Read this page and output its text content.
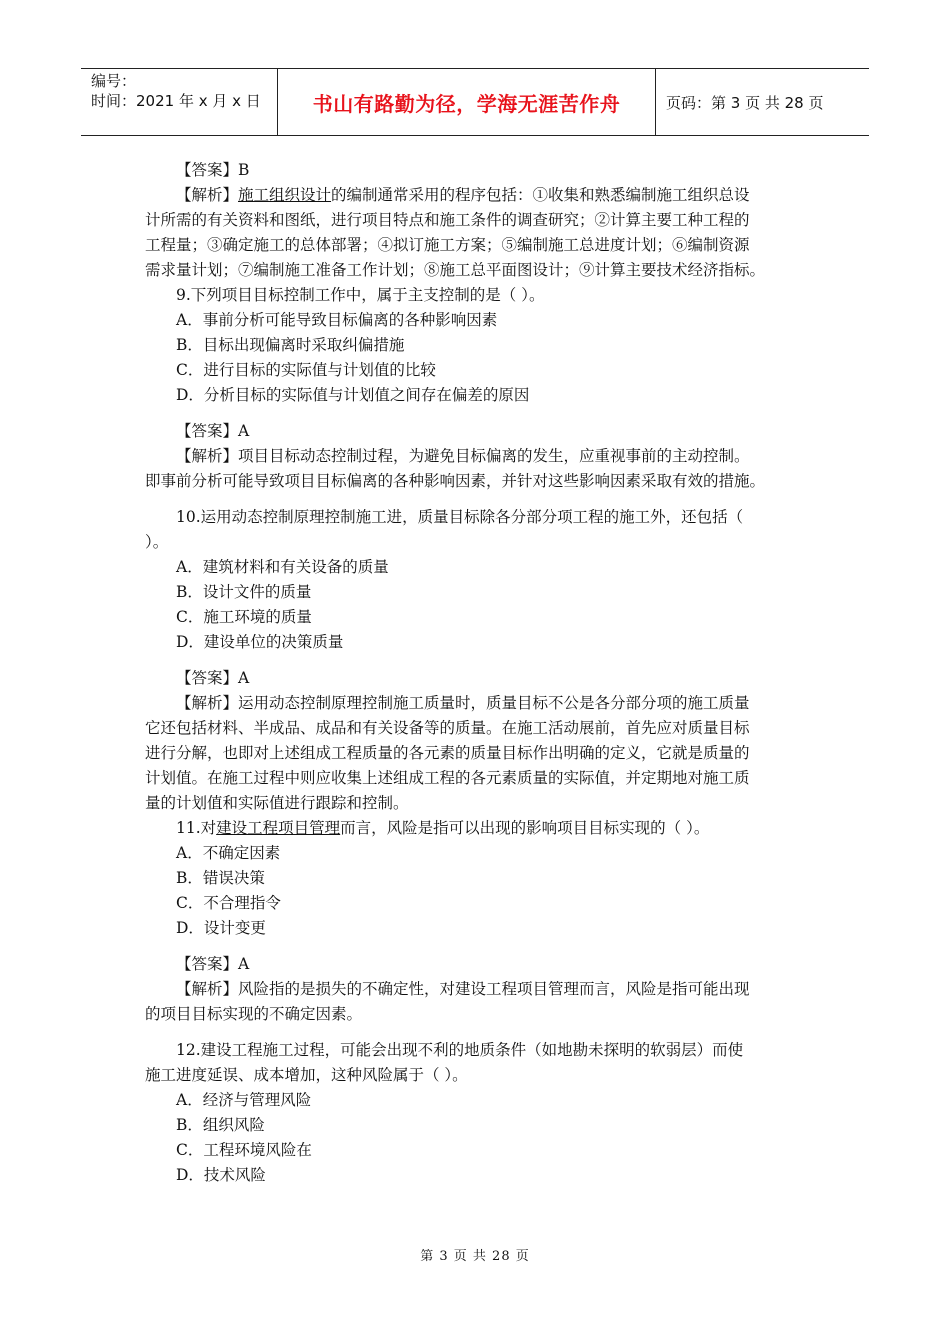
编号：
时间：2021 年 x 月 x 日	书山有路勤为径，学海无涯苦作舟	页码：第 3 页 共 28 页

【答案】B

【解析】施工组织设计的编制通常采用的程序包括：①收集和熟悉编制施工组织总设

计所需的有关资料和图纸，进行项目特点和施工条件的调查研究；②计算主要工种工程的

工程量；③确定施工的总体部署；④拟订施工方案；⑤编制施工总进度计划；⑥编制资源

需求量计划；⑦编制施工准备工作计划；⑧施工总平面图设计；⑨计算主要技术经济指标。

9.下列项目目标控制工作中，属于主支控制的是（ ）。

A．事前分析可能导致目标偏离的各种影响因素

B．目标出现偏离时采取纠偏措施

C．进行目标的实际值与计划值的比较

D．分析目标的实际值与计划值之间存在偏差的原因

【答案】A

【解析】项目目标动态控制过程，为避免目标偏离的发生，应重视事前的主动控制。

即事前分析可能导致项目目标偏离的各种影响因素，并针对这些影响因素采取有效的措施。

10.运用动态控制原理控制施工进，质量目标除各分部分项工程的施工外，还包括（

）。

A．建筑材料和有关设备的质量

B．设计文件的质量

C．施工环境的质量

D．建设单位的决策质量

【答案】A

【解析】运用动态控制原理控制施工质量时，质量目标不公是各分部分项的施工质量

它还包括材料、半成品、成品和有关设备等的质量。在施工活动展前，首先应对质量目标

进行分解，也即对上述组成工程质量的各元素的质量目标作出明确的定义，它就是质量的

计划值。在施工过程中则应收集上述组成工程的各元素质量的实际值，并定期地对施工质

量的计划值和实际值进行跟踪和控制。

11.对建设工程项目管理而言，风险是指可以出现的影响项目目标实现的（ ）。

A．不确定因素

B．错误决策

C．不合理指令

D．设计变更

【答案】A

【解析】风险指的是损失的不确定性，对建设工程项目管理而言，风险是指可能出现

的项目目标实现的不确定因素。

12.建设工程施工过程，可能会出现不利的地质条件（如地勘未探明的软弱层）而使

施工进度延误、成本增加，这种风险属于（ ）。

A．经济与管理风险

B．组织风险

C．工程环境风险在

D．技术风险

第 3 页 共 28 页
